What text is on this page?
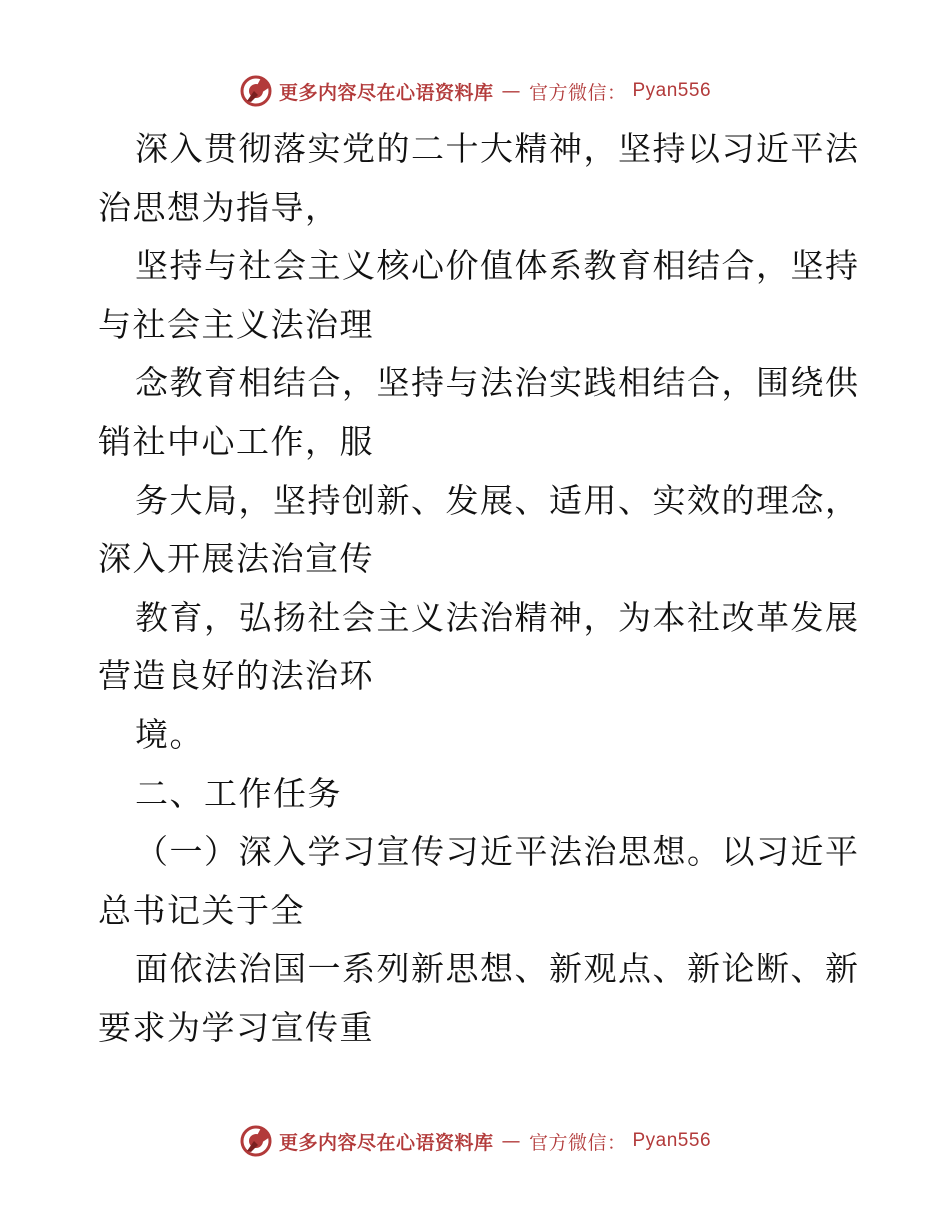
更多内容尽在心语资料库 — 官方微信： Pyan556
深入贯彻落实党的二十大精神，坚持以习近平法
治思想为指导，
坚持与社会主义核心价值体系教育相结合，坚持
与社会主义法治理
念教育相结合，坚持与法治实践相结合，围绕供
销社中心工作，服
务大局，坚持创新、发展、适用、实效的理念，
深入开展法治宣传
教育，弘扬社会主义法治精神，为本社改革发展
营造良好的法治环
境。
二、工作任务
（一）深入学习宣传习近平法治思想。以习近平
总书记关于全
面依法治国一系列新思想、新观点、新论断、新
要求为学习宣传重
更多内容尽在心语资料库 — 官方微信： Pyan556
